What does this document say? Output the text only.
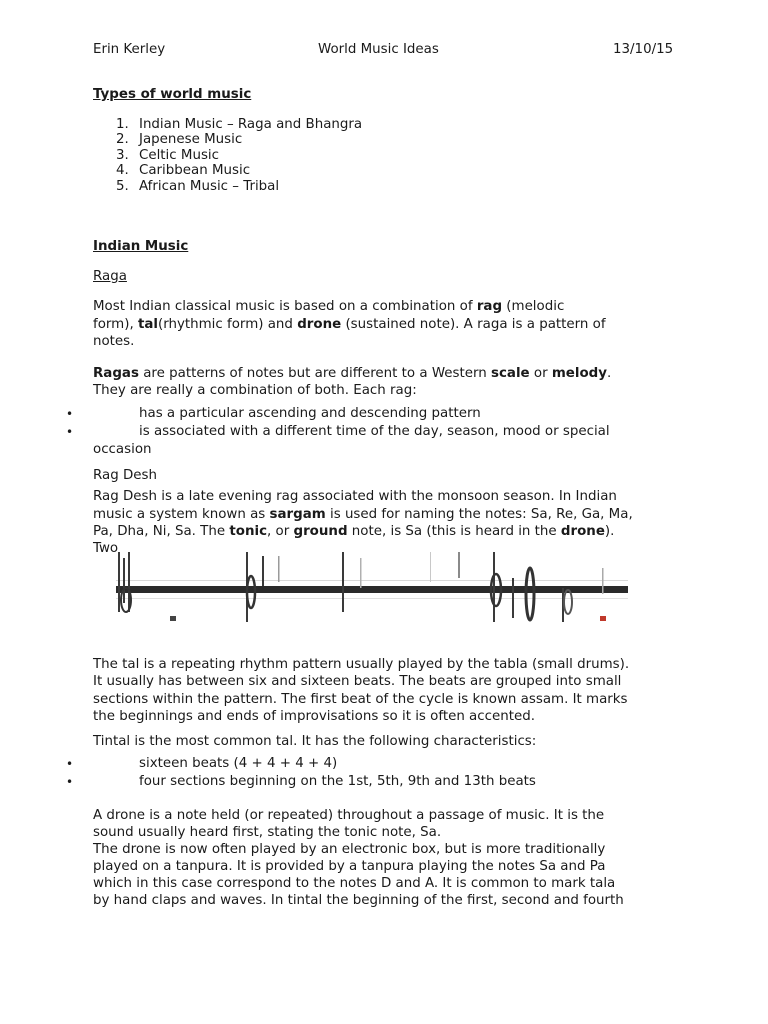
Erin Kerley	World Music Ideas	13/10/15
Types of world music
1. Indian Music – Raga and Bhangra
2. Japenese Music
3. Celtic Music
4. Caribbean Music
5. African Music – Tribal
Indian Music
Raga
Most Indian classical music is based on a combination of rag (melodic
form), tal(rhythmic form) and drone (sustained note). A raga is a pattern of
notes.
Ragas are patterns of notes but are different to a Western scale or melody.
They are really a combination of both. Each rag:
•	has a particular ascending and descending pattern
•	is associated with a different time of the day, season, mood or special
occasion
Rag Desh
Rag Desh is a late evening rag associated with the monsoon season. In Indian
music a system known as sargam is used for naming the notes: Sa, Re, Ga, Ma,
Pa, Dha, Ni, Sa. The tonic, or ground note, is Sa (this is heard in the drone).
Two
The tal is a repeating rhythm pattern usually played by the tabla (small drums).
It usually has between six and sixteen beats. The beats are grouped into small
sections within the pattern. The first beat of the cycle is known assam. It marks
the beginnings and ends of improvisations so it is often accented.
Tintal is the most common tal. It has the following characteristics:
•	sixteen beats (4 + 4 + 4 + 4)
•	four sections beginning on the 1st, 5th, 9th and 13th beats
A drone is a note held (or repeated) throughout a passage of music. It is the
sound usually heard first, stating the tonic note, Sa.
The drone is now often played by an electronic box, but is more traditionally
played on a tanpura. It is provided by a tanpura playing the notes Sa and Pa
which in this case correspond to the notes D and A. It is common to mark tala
by hand claps and waves. In tintal the beginning of the first, second and fourth
